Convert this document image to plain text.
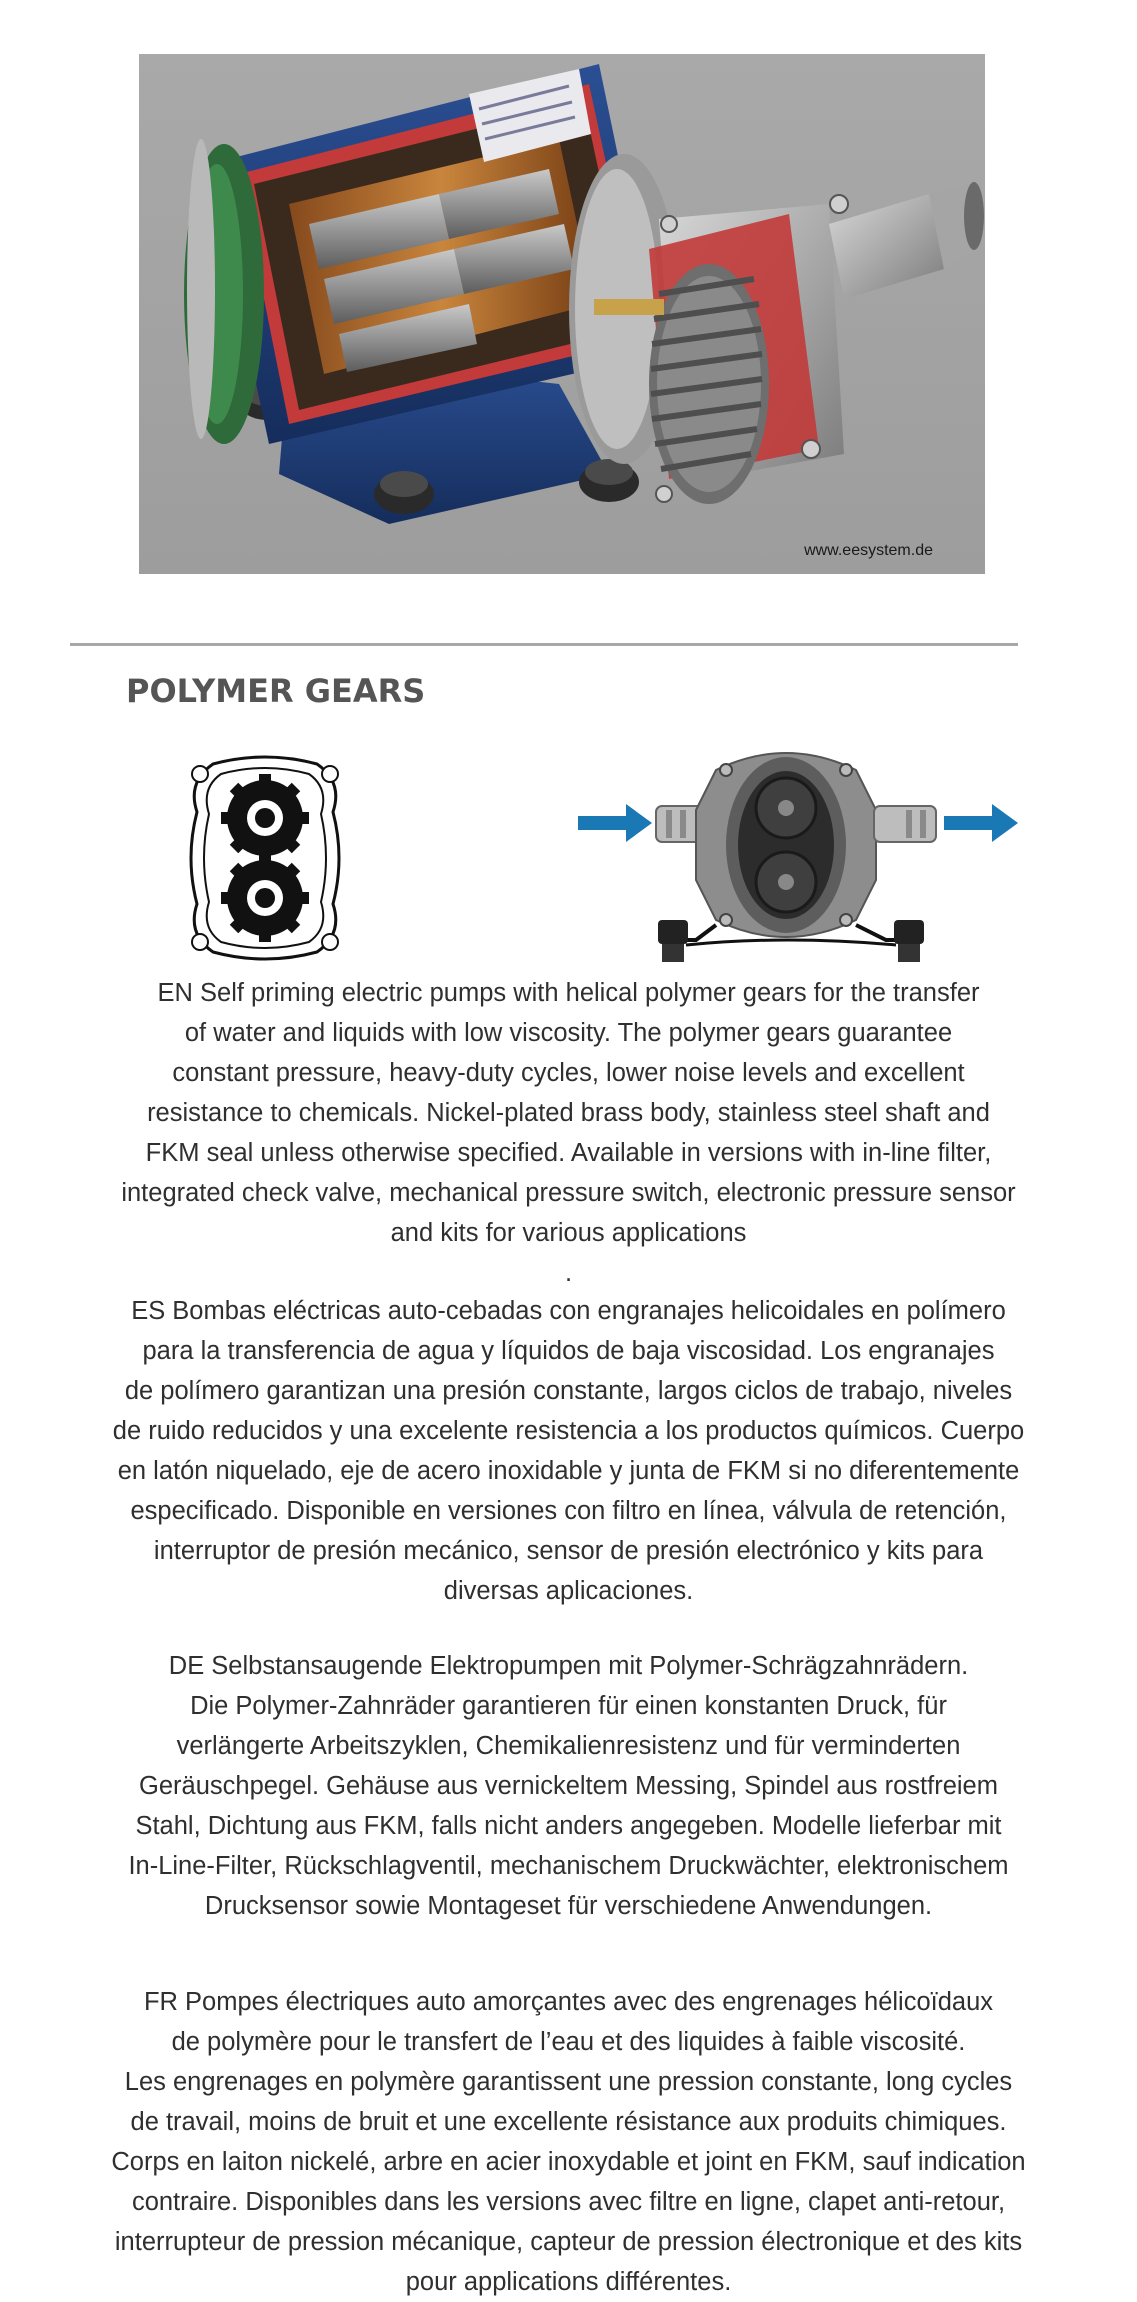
www.eesystem.de
POLYMER GEARS
EN Self priming electric pumps with helical polymer gears for the transfer
of water and liquids with low viscosity. The polymer gears guarantee
constant pressure, heavy-duty cycles, lower noise levels and excellent
resistance to chemicals. Nickel-plated brass body, stainless steel shaft and
FKM seal unless otherwise specified. Available in versions with in-line filter,
integrated check valve, mechanical pressure switch, electronic pressure sensor
and kits for various applications
.
ES Bombas eléctricas auto-cebadas con engranajes helicoidales en polímero
para la transferencia de agua y líquidos de baja viscosidad. Los engranajes
de polímero garantizan una presión constante, largos ciclos de trabajo, niveles
de ruido reducidos y una excelente resistencia a los productos químicos. Cuerpo
en latón niquelado, eje de acero inoxidable y junta de FKM si no diferentemente
especificado. Disponible en versiones con filtro en línea, válvula de retención,
interruptor de presión mecánico, sensor de presión electrónico y kits para
diversas aplicaciones.
DE Selbstansaugende Elektropumpen mit Polymer-Schrägzahnrädern.
Die Polymer-Zahnräder garantieren für einen konstanten Druck, für
verlängerte Arbeitszyklen, Chemikalienresistenz und für verminderten
Geräuschpegel. Gehäuse aus vernickeltem Messing, Spindel aus rostfreiem
Stahl, Dichtung aus FKM, falls nicht anders angegeben. Modelle lieferbar mit
In-Line-Filter, Rückschlagventil, mechanischem Druckwächter, elektronischem
Drucksensor sowie Montageset für verschiedene Anwendungen.
FR Pompes électriques auto amorçantes avec des engrenages hélicoïdaux
de polymère pour le transfert de l’eau et des liquides à faible viscosité.
Les engrenages en polymère garantissent une pression constante, long cycles
de travail, moins de bruit et une excellente résistance aux produits chimiques.
Corps en laiton nickelé, arbre en acier inoxydable et joint en FKM, sauf indication
contraire. Disponibles dans les versions avec filtre en ligne, clapet anti-retour,
interrupteur de pression mécanique, capteur de pression électronique et des kits
pour applications différentes.
